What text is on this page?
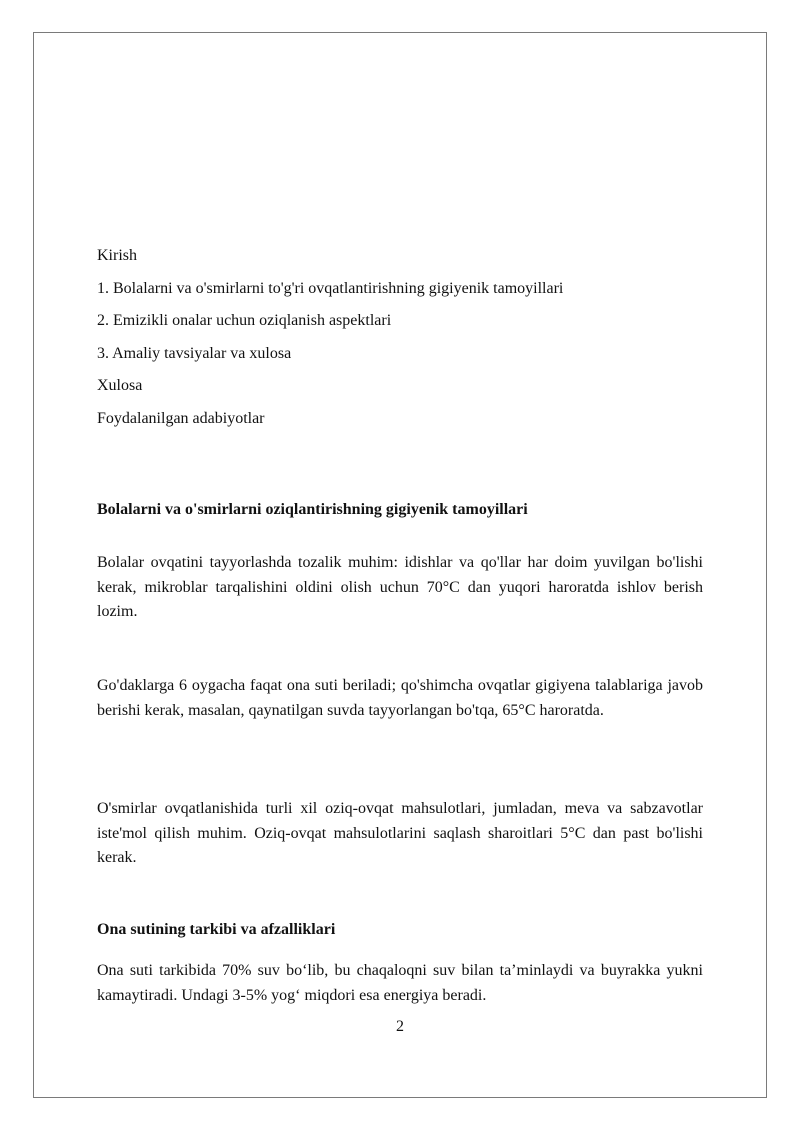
Kirish
1. Bolalarni va o'smirlarni to'g'ri ovqatlantirishning gigiyenik tamoyillari
2. Emizikli onalar uchun oziqlanish aspektlari
3. Amaliy tavsiyalar va xulosa
Xulosa
Foydalanilgan adabiyotlar
Bolalarni va o'smirlarni oziqlantirishning gigiyenik tamoyillari
Bolalar ovqatini tayyorlashda tozalik muhim: idishlar va qo'llar har doim yuvilgan bo'lishi kerak, mikroblar tarqalishini oldini olish uchun 70°C dan yuqori haroratda ishlov berish lozim.
Go'daklarga 6 oygacha faqat ona suti beriladi; qo'shimcha ovqatlar gigiyena talablariga javob berishi kerak, masalan, qaynatilgan suvda tayyorlangan bo'tqa, 65°C haroratda.
O'smirlar ovqatlanishida turli xil oziq-ovqat mahsulotlari, jumladan, meva va sabzavotlar iste'mol qilish muhim. Oziq-ovqat mahsulotlarini saqlash sharoitlari 5°C dan past bo'lishi kerak.
Ona sutining tarkibi va afzalliklari
Ona suti tarkibida 70% suv bo‘lib, bu chaqaloqni suv bilan ta’minlaydi va buyrakka yukni kamaytiradi. Undagi 3-5% yog‘ miqdori esa energiya beradi.
2
